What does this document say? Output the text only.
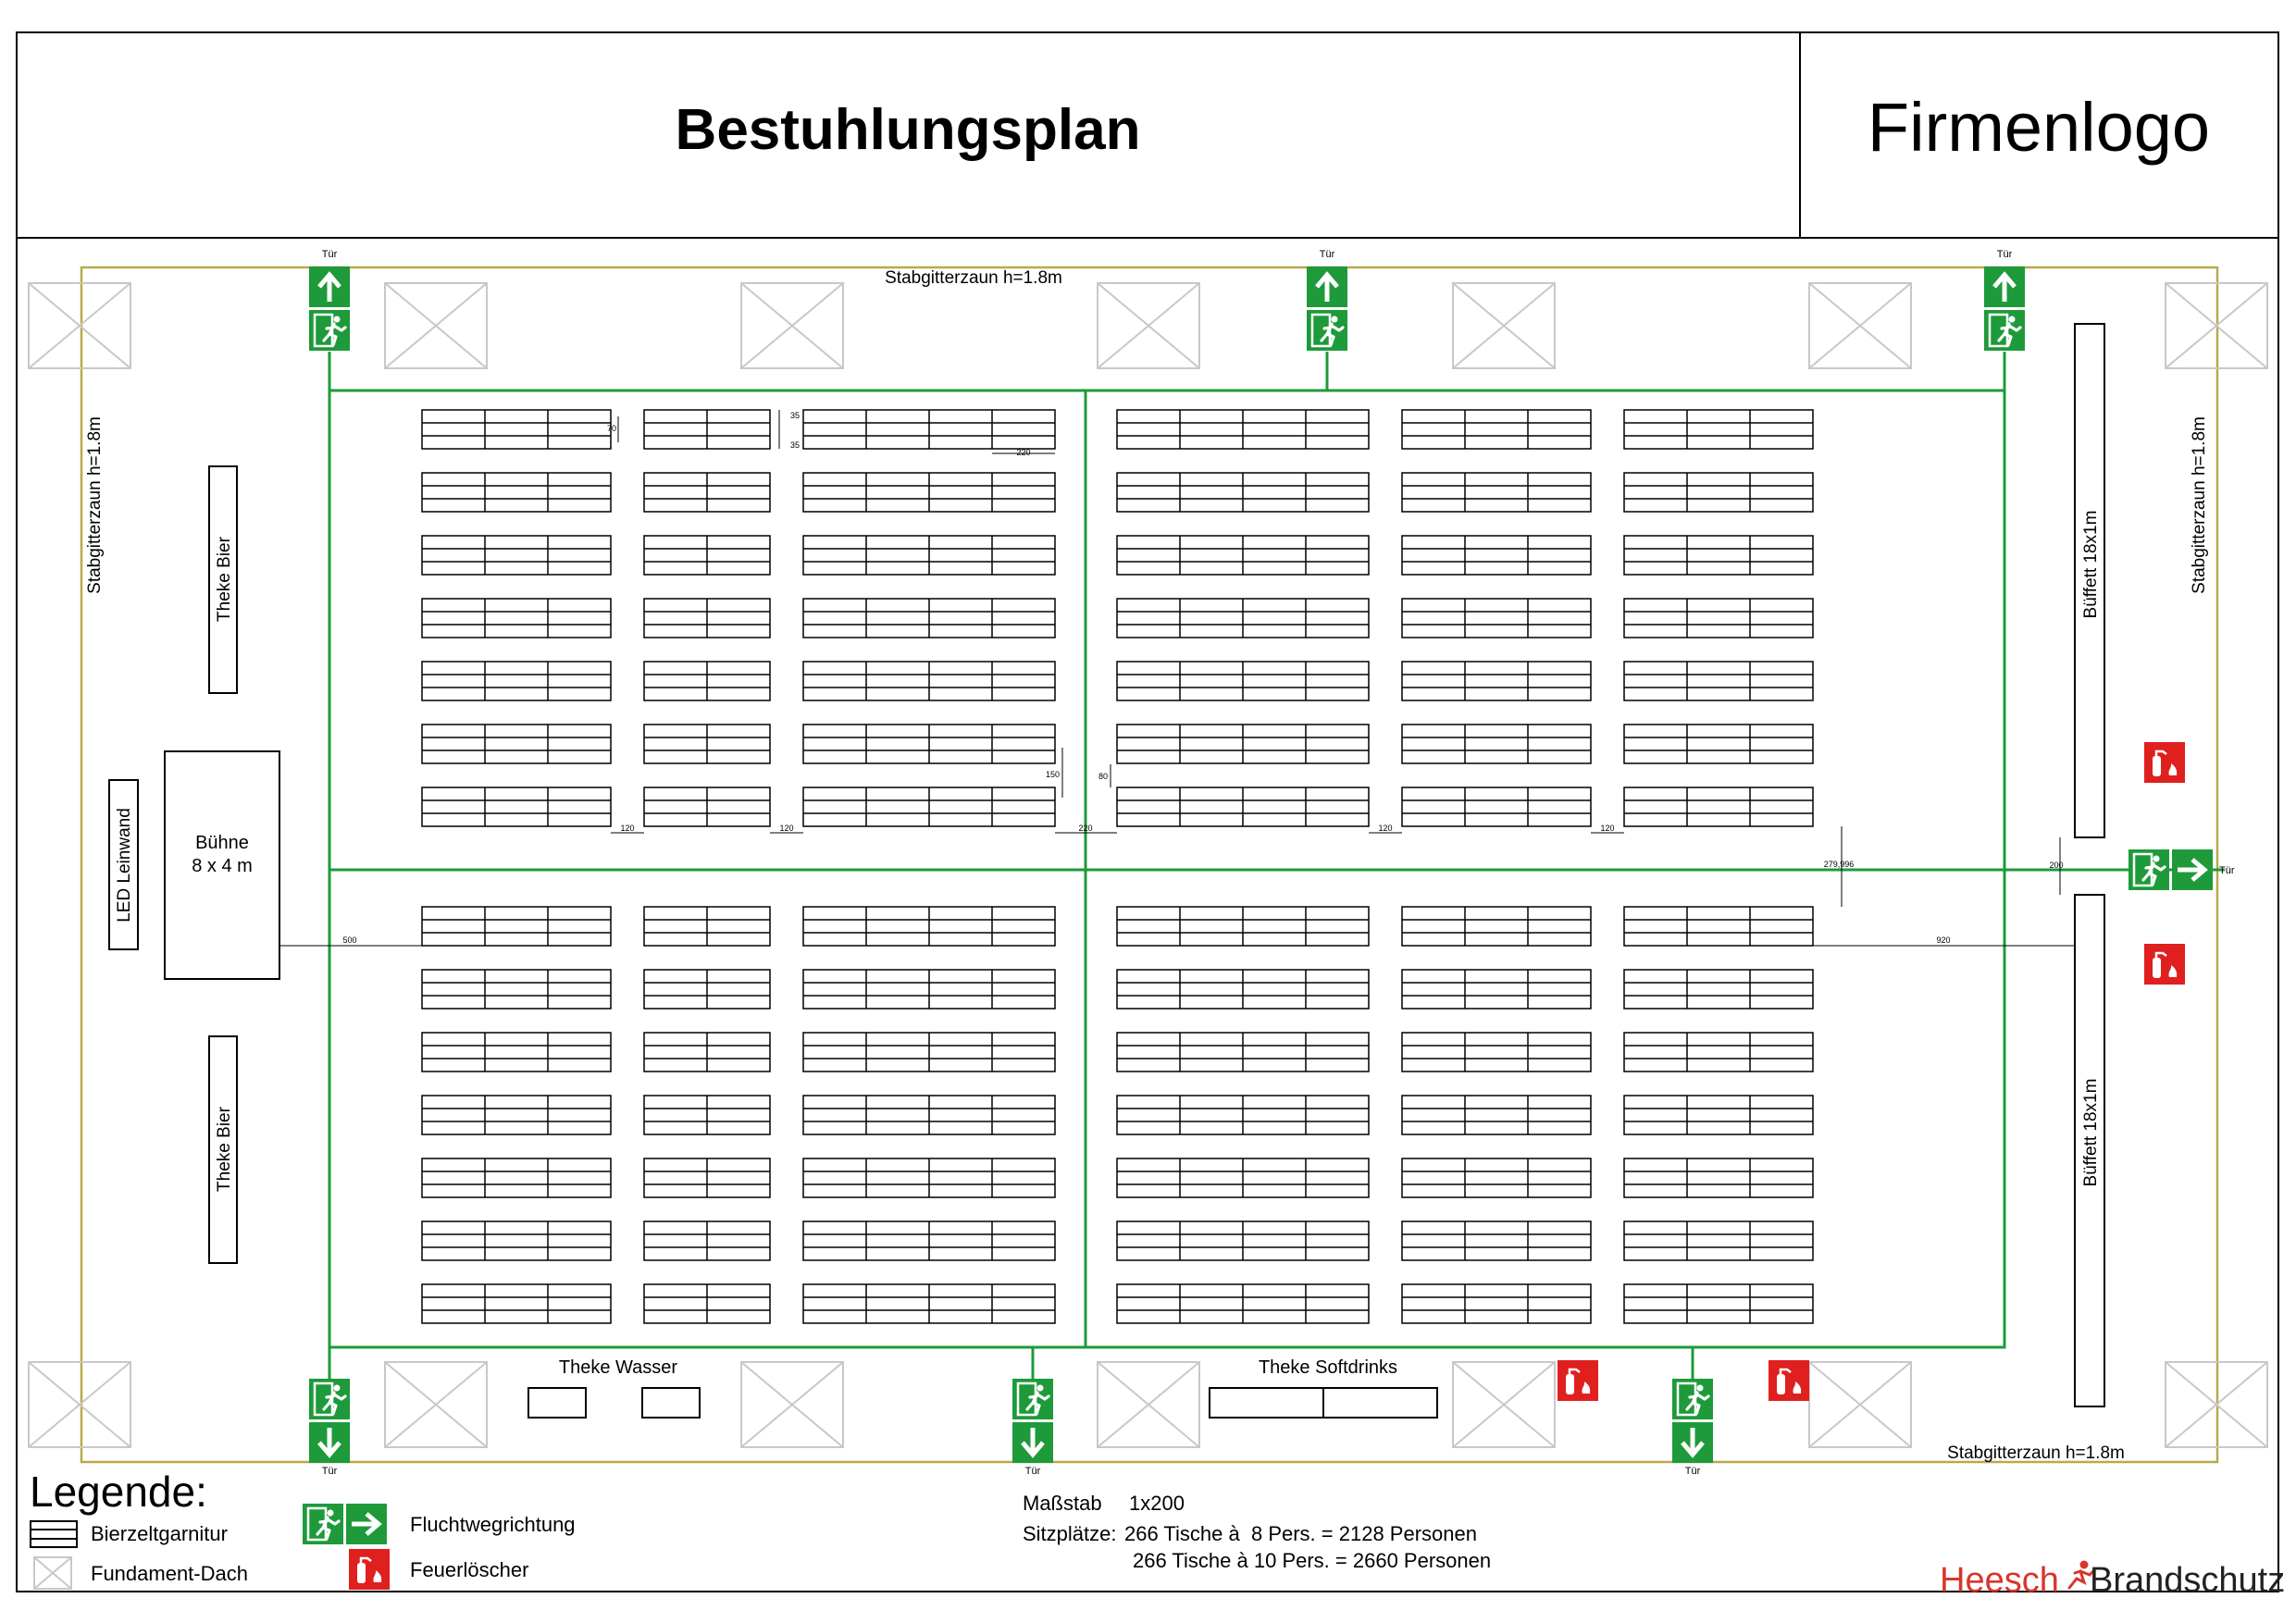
Bestuhlungsplan	Firmenlogo
Stabgitterzaun h=1.8m
Stabgitterzaun h=1.8m	Stabgitterzaun h=1.8m
Stabgitterzaun h=1.8m
Tür	Tür	Tür
Tür	Tür	Tür
Tür
Theke Bier
Theke Bier
LED Leinwand	Bühne
8 x 4 m
Büffett 18x1m
Büffett 18x1m
Theke Wasser	Theke Softdrinks
70
35
35
220
150	80
120	120	220	120	120
279,996	200
500	920
Legende:
Bierzeltgarnitur
Fundament-Dach
Fluchtwegrichtung
Feuerlöscher
Maßstab 1x200
Sitzplätze: 266 Tische à  8 Pers. = 2128 Personen
266 Tische à 10 Pers. = 2660 Personen
Heesch Brandschutz
